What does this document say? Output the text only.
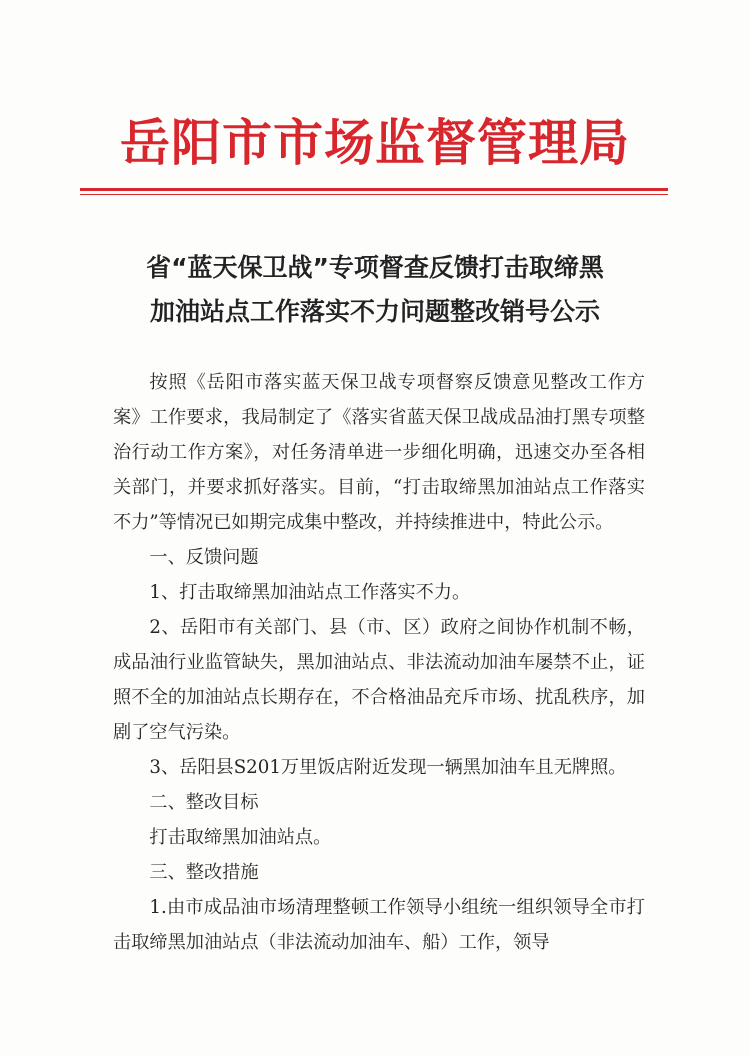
岳阳市市场监督管理局
省“蓝天保卫战”专项督查反馈打击取缔黑
加油站点工作落实不力问题整改销号公示

按照《岳阳市落实蓝天保卫战专项督察反馈意见整改工作方案》工作要求，我局制定了《落实省蓝天保卫战成品油打黑专项整治行动工作方案》，对任务清单进一步细化明确，迅速交办至各相关部门，并要求抓好落实。目前，“打击取缔黑加油站点工作落实不力”等情况已如期完成集中整改，并持续推进中，特此公示。

一、反馈问题

1、打击取缔黑加油站点工作落实不力。

2、岳阳市有关部门、县（市、区）政府之间协作机制不畅，成品油行业监管缺失，黑加油站点、非法流动加油车屡禁不止，证照不全的加油站点长期存在，不合格油品充斥市场、扰乱秩序，加剧了空气污染。

3、岳阳县S201万里饭店附近发现一辆黑加油车且无牌照。

二、整改目标

打击取缔黑加油站点。

三、整改措施

1.由市成品油市场清理整顿工作领导小组统一组织领导全市打击取缔黑加油站点（非法流动加油车、船）工作，领导
